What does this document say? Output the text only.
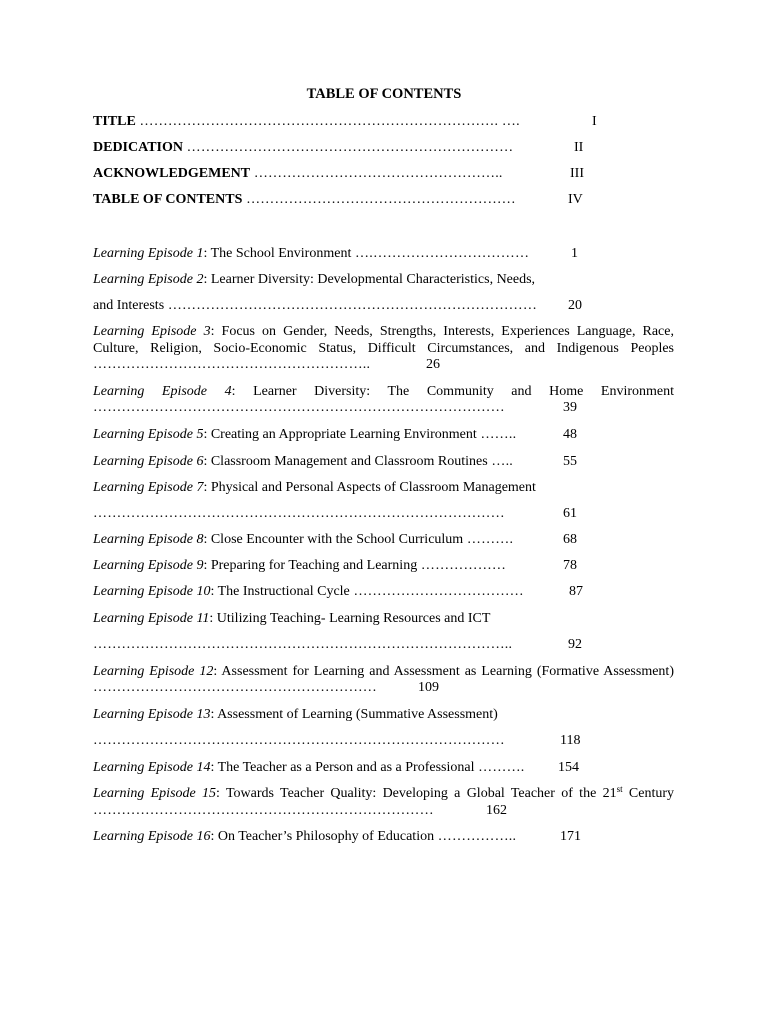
TABLE OF CONTENTS
TITLE …………………………………………………………………. ….	I
DEDICATION ……………………………………………………………	II
ACKNOWLEDGEMENT ……………………………………………..	III
TABLE OF CONTENTS …………………………………………………	IV
Learning Episode 1: The School Environment ….……………………………	1
Learning Episode 2: Learner Diversity: Developmental Characteristics, Needs,
and Interests …………………………………………………………………… 20
Learning Episode 3: Focus on Gender, Needs, Strengths, Interests, Experiences Language, Race, Culture, Religion, Socio-Economic Status, Difficult Circumstances, and Indigenous Peoples
…………………………………………………..	26
Learning Episode 4: Learner Diversity: The Community and Home Environment
……………………………………………………………………………	39
Learning Episode 5: Creating an Appropriate Learning Environment ……..	48
Learning Episode 6: Classroom Management and Classroom Routines …..	55
Learning Episode 7: Physical and Personal Aspects of Classroom Management
……………………………………………………………………………	61
Learning Episode 8: Close Encounter with the School Curriculum ……….	68
Learning Episode 9: Preparing for Teaching and Learning ………………	78
Learning Episode 10: The Instructional Cycle ………………………………	87
Learning Episode 11: Utilizing Teaching- Learning Resources and ICT
……………………………………………………………………………..	92
Learning Episode 12: Assessment for Learning and Assessment as Learning (Formative Assessment)
……………………………………………………	109
Learning Episode 13: Assessment of Learning (Summative Assessment)
……………………………………………………………………………	118
Learning Episode 14: The Teacher as a Person and as a Professional ………. 154
Learning Episode 15: Towards Teacher Quality: Developing a Global Teacher of the 21st Century
………………………………………………………………	162
Learning Episode 16: On Teacher’s Philosophy of Education ……………..	171
